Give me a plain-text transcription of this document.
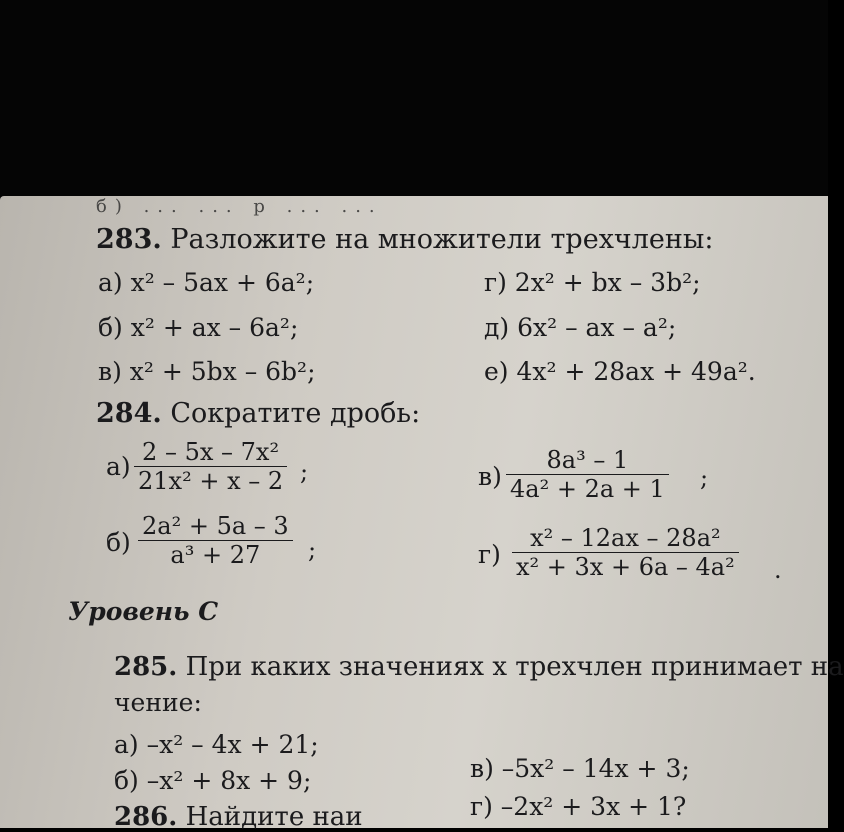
283. Разложите на множители трехчлены:
а) x² – 5ax + 6a²;
б) x² + ax – 6a²;
в) x² + 5bx – 6b²;
г) 2x² + bx – 3b²;
д) 6x² – ax – a²;
е) 4x² + 28ax + 49a².
284. Сократите дробь:
$а) \frac{\text{2 – 5x – 7x²}}{\text{21x² + x – 2}}$ ;
$б) \frac{\text{2a² + 5a – 3}}{\text{a³ + 27}}$ ;
$в) \frac{\text{8a³ – 1}}{\text{4a² + 2a + 1}}$ ;
$г) \frac{\text{x² – 12ax – 28a²}}{\text{x² + 3x + 6a – 4a²}}$ .
Уровень С
285. При каких значениях x трехчлен принимает на
чение:
а) –x² – 4x + 21;
б) –x² + 8x + 9;	в) –5x² – 14x + 3;
г) –2x² + 3x + 1?
286. Найдите наи
